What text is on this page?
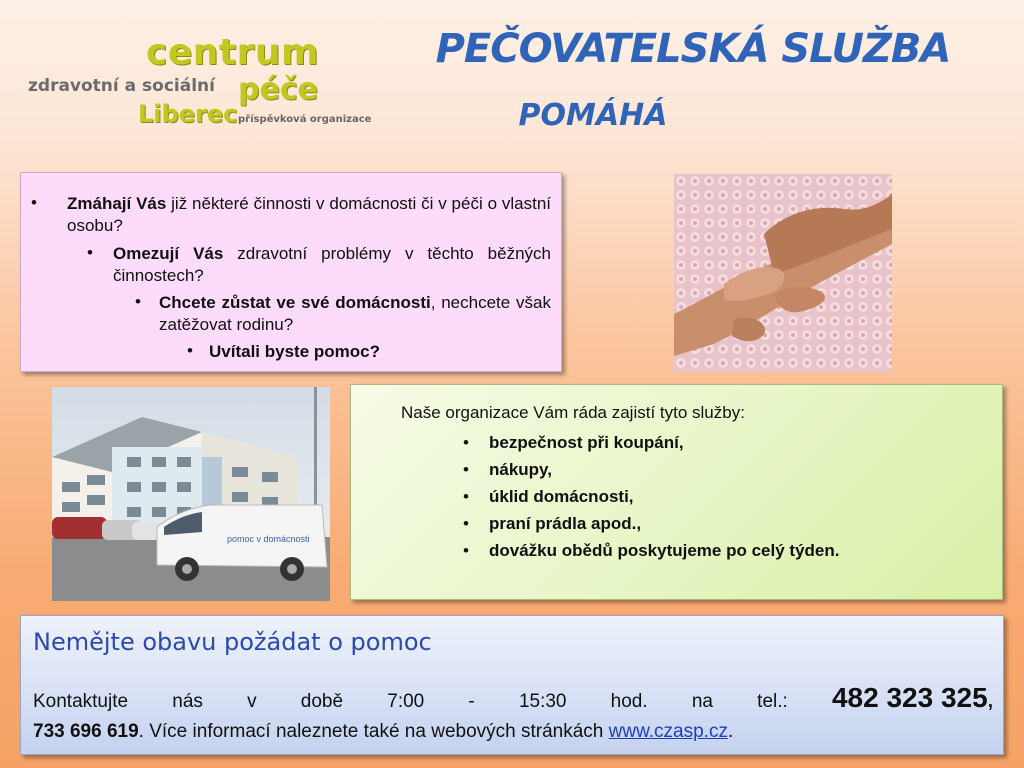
centrum
zdravotní a sociální péče
Liberec příspěvková organizace
PEČOVATELSKÁ SLUŽBA
POMÁHÁ
• Zmáhají Vás již některé činnosti v domácnosti či v péči o vlastní osobu?
• Omezují Vás zdravotní problémy v těchto běžných činnostech?
• Chcete zůstat ve své domácnosti, nechcete však zatěžovat rodinu?
• Uvítali byste pomoc?
pomoc v domácnosti
Naše organizace Vám ráda zajistí tyto služby:
• bezpečnost při koupání,
• nákupy,
• úklid domácnosti,
• praní prádla apod.,
• dovážku obědů poskytujeme po celý týden.
Nemějte obavu požádat o pomoc
Kontaktujte nás v době 7:00 - 15:30 hod. na tel.: 482 323 325,
733 696 619. Více informací naleznete také na webových stránkách www.czasp.cz.
